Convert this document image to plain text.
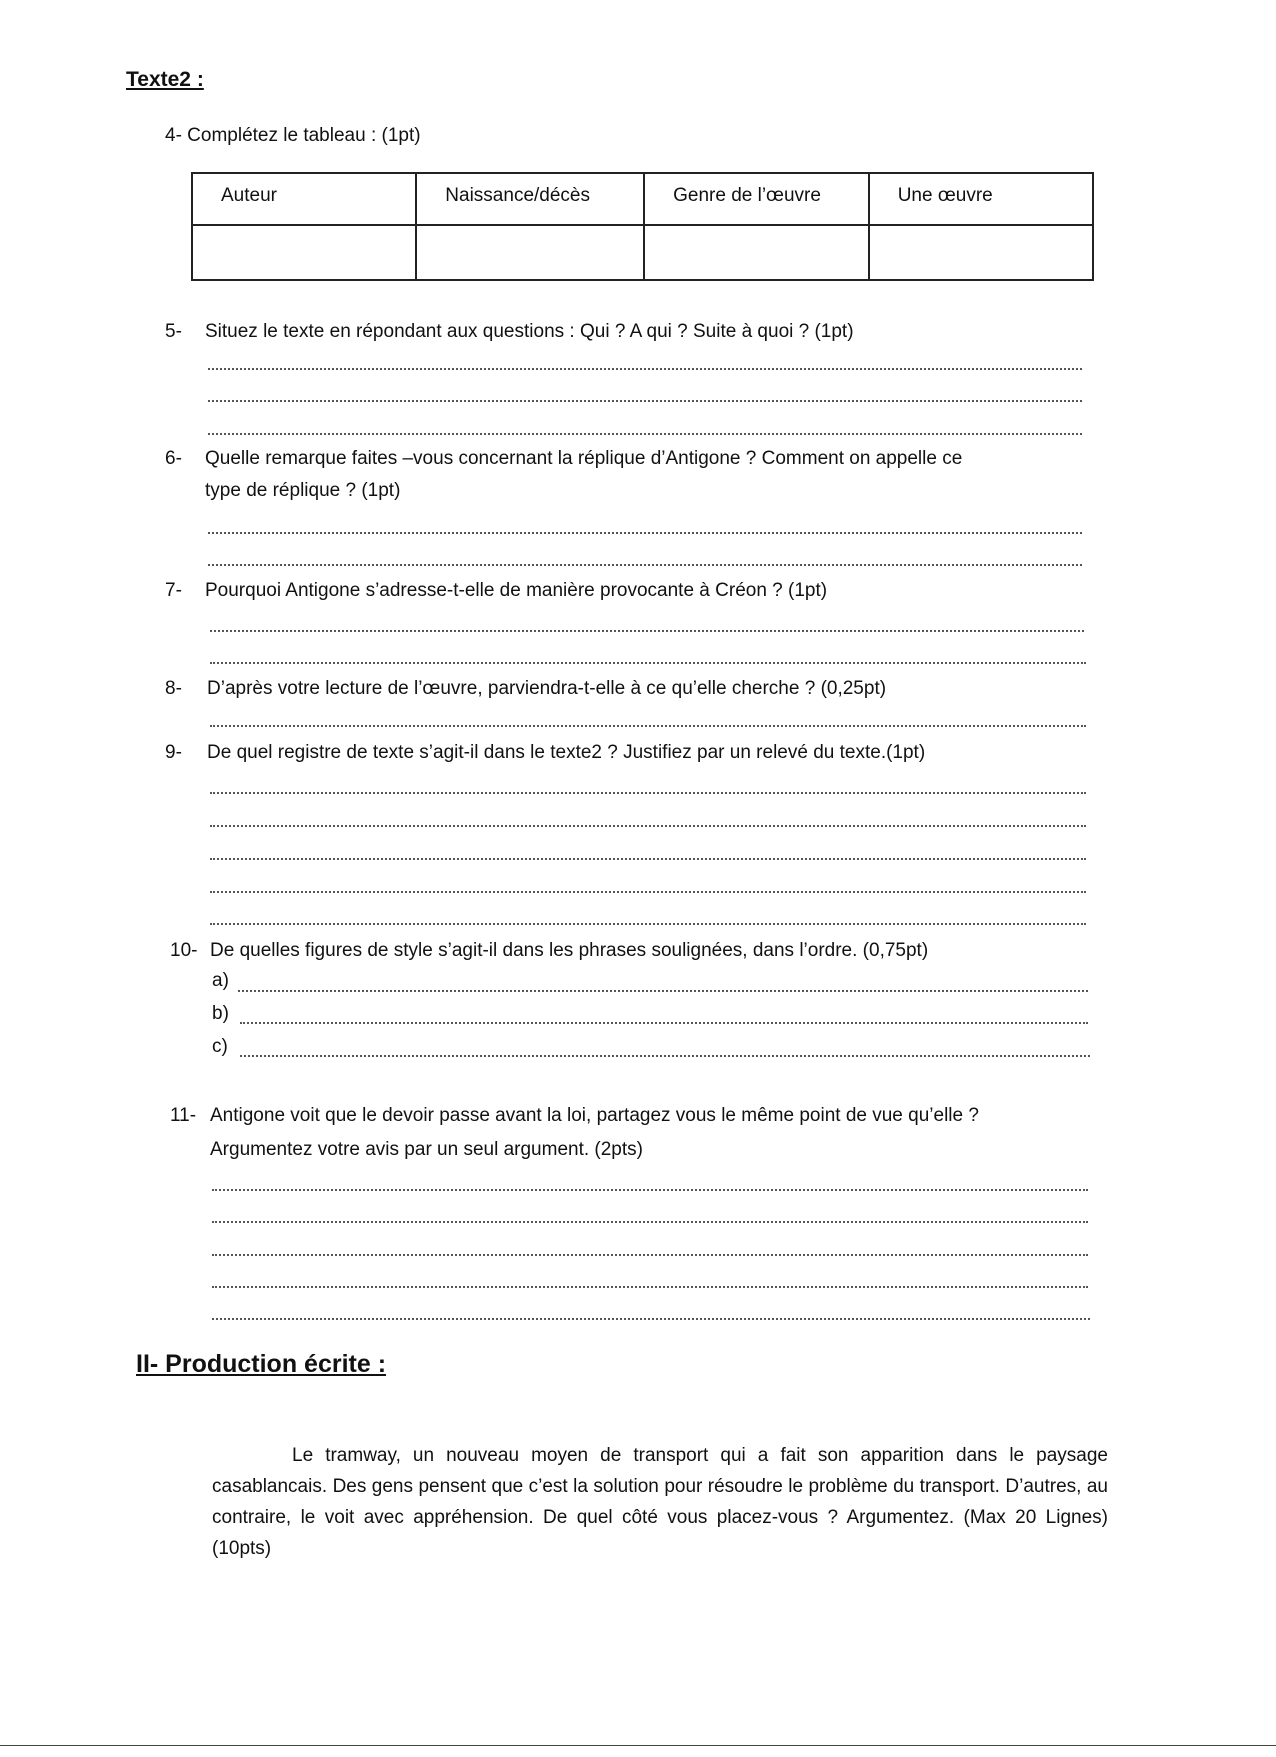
Texte2 :
4- Complétez le tableau : (1pt)
Auteur	Naissance/décès	Genre de l’œuvre	Une œuvre

5- Situez le texte en répondant aux questions : Qui ? A qui ? Suite à quoi ? (1pt)
6- Quelle remarque faites –vous concernant la réplique d’Antigone ? Comment on appelle ce
type de réplique ? (1pt)
7- Pourquoi Antigone s’adresse-t-elle de manière provocante à Créon ? (1pt)
8- D’après votre lecture de l’œuvre, parviendra-t-elle à ce qu’elle cherche ? (0,25pt)
9- De quel registre de texte s’agit-il dans le texte2 ? Justifiez par un relevé du texte.(1pt)
10- De quelles figures de style s’agit-il dans les phrases soulignées, dans l’ordre. (0,75pt)
a)
b)
c)
11- Antigone voit que le devoir passe avant la loi, partagez vous le même point de vue qu’elle ?
Argumentez votre avis par un seul argument. (2pts)
II- Production écrite :
Le tramway, un nouveau moyen de transport qui a fait son apparition dans le paysage casablancais. Des gens pensent que c’est la solution pour résoudre le problème du transport. D’autres, au contraire, le voit avec appréhension. De quel côté vous placez-vous ? Argumentez. (Max 20 Lignes) (10pts)
